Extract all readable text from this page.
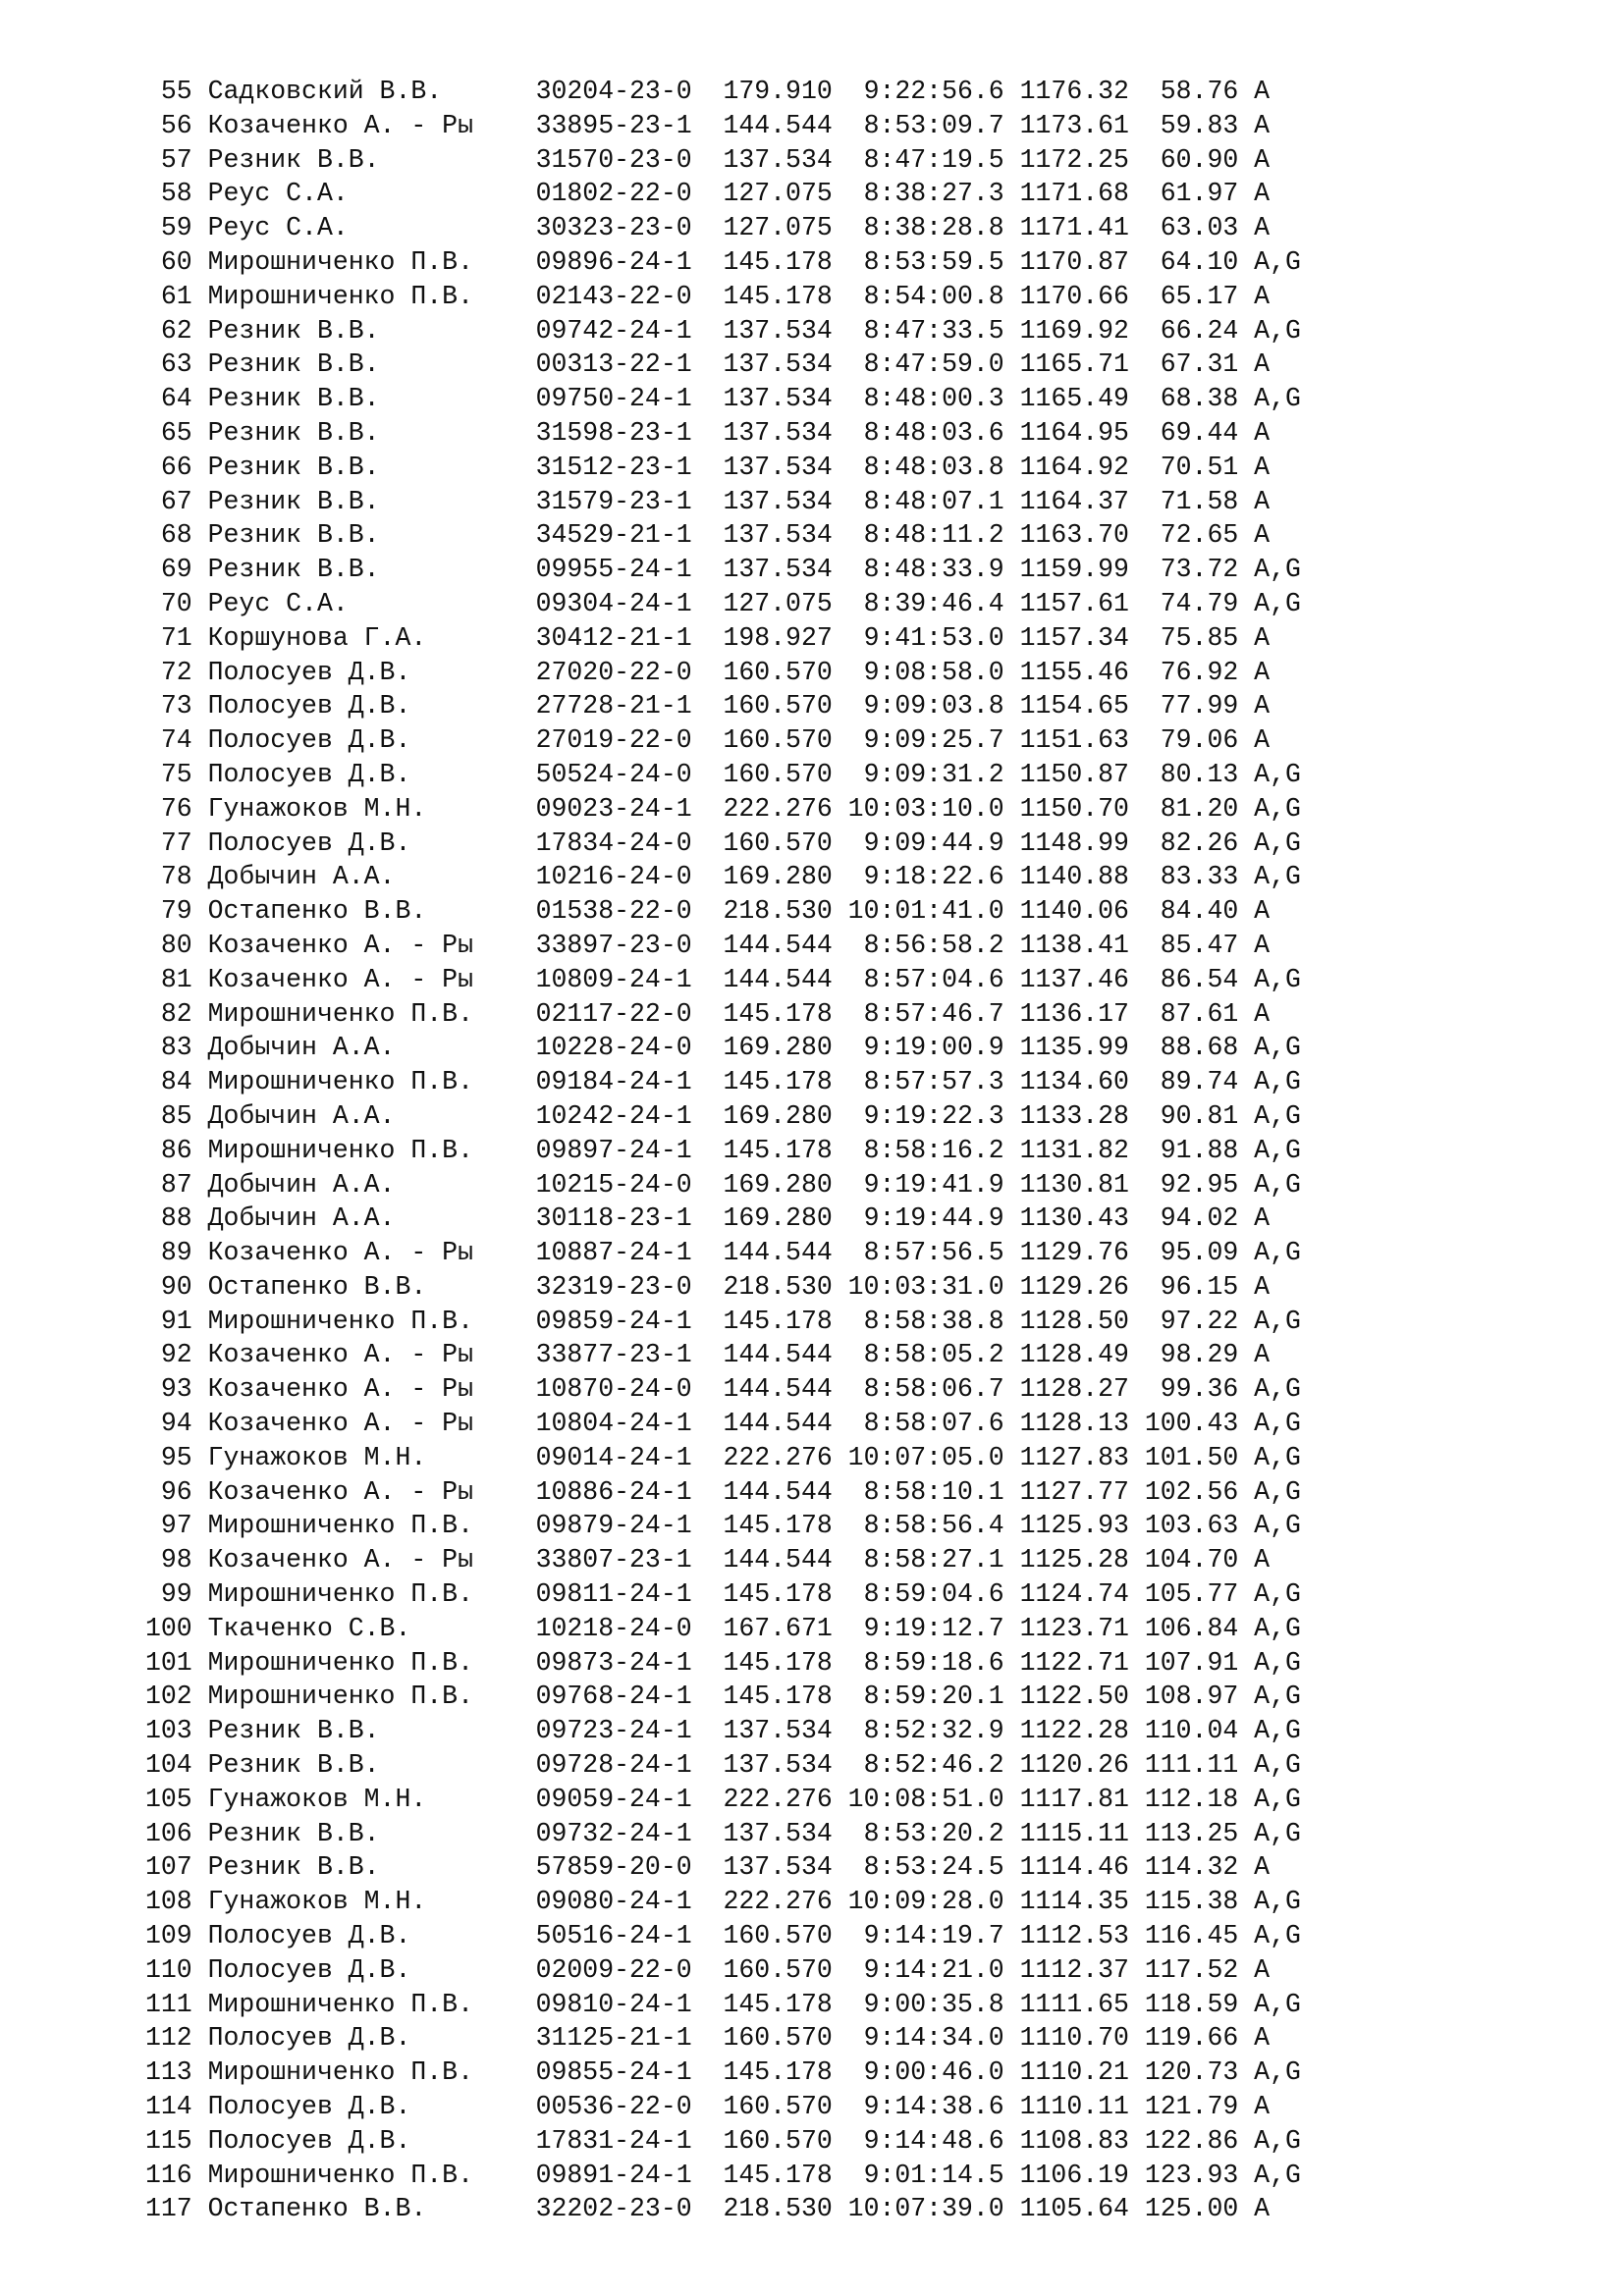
55 Садковский В.В.      30204-23-0  179.910  9:22:56.6 1176.32  58.76 A
56 Козаченко А. - Ры    33895-23-1  144.544  8:53:09.7 1173.61  59.83 A
57 Резник В.В.          31570-23-0  137.534  8:47:19.5 1172.25  60.90 A
58 Реус С.А.            01802-22-0  127.075  8:38:27.3 1171.68  61.97 A
59 Реус С.А.            30323-23-0  127.075  8:38:28.8 1171.41  63.03 A
60 Мирошниченко П.В.    09896-24-1  145.178  8:53:59.5 1170.87  64.10 A,G
61 Мирошниченко П.В.    02143-22-0  145.178  8:54:00.8 1170.66  65.17 A
62 Резник В.В.          09742-24-1  137.534  8:47:33.5 1169.92  66.24 A,G
63 Резник В.В.          00313-22-1  137.534  8:47:59.0 1165.71  67.31 A
64 Резник В.В.          09750-24-1  137.534  8:48:00.3 1165.49  68.38 A,G
65 Резник В.В.          31598-23-1  137.534  8:48:03.6 1164.95  69.44 A
66 Резник В.В.          31512-23-1  137.534  8:48:03.8 1164.92  70.51 A
67 Резник В.В.          31579-23-1  137.534  8:48:07.1 1164.37  71.58 A
68 Резник В.В.          34529-21-1  137.534  8:48:11.2 1163.70  72.65 A
69 Резник В.В.          09955-24-1  137.534  8:48:33.9 1159.99  73.72 A,G
70 Реус С.А.            09304-24-1  127.075  8:39:46.4 1157.61  74.79 A,G
71 Коршунова Г.А.       30412-21-1  198.927  9:41:53.0 1157.34  75.85 A
72 Полосуев Д.В.        27020-22-0  160.570  9:08:58.0 1155.46  76.92 A
73 Полосуев Д.В.        27728-21-1  160.570  9:09:03.8 1154.65  77.99 A
74 Полосуев Д.В.        27019-22-0  160.570  9:09:25.7 1151.63  79.06 A
75 Полосуев Д.В.        50524-24-0  160.570  9:09:31.2 1150.87  80.13 A,G
76 Гунажоков М.Н.       09023-24-1  222.276 10:03:10.0 1150.70  81.20 A,G
77 Полосуев Д.В.        17834-24-0  160.570  9:09:44.9 1148.99  82.26 A,G
78 Добычин А.А.         10216-24-0  169.280  9:18:22.6 1140.88  83.33 A,G
79 Остапенко В.В.       01538-22-0  218.530 10:01:41.0 1140.06  84.40 A
80 Козаченко А. - Ры    33897-23-0  144.544  8:56:58.2 1138.41  85.47 A
81 Козаченко А. - Ры    10809-24-1  144.544  8:57:04.6 1137.46  86.54 A,G
82 Мирошниченко П.В.    02117-22-0  145.178  8:57:46.7 1136.17  87.61 A
83 Добычин А.А.         10228-24-0  169.280  9:19:00.9 1135.99  88.68 A,G
84 Мирошниченко П.В.    09184-24-1  145.178  8:57:57.3 1134.60  89.74 A,G
85 Добычин А.А.         10242-24-1  169.280  9:19:22.3 1133.28  90.81 A,G
86 Мирошниченко П.В.    09897-24-1  145.178  8:58:16.2 1131.82  91.88 A,G
87 Добычин А.А.         10215-24-0  169.280  9:19:41.9 1130.81  92.95 A,G
88 Добычин А.А.         30118-23-1  169.280  9:19:44.9 1130.43  94.02 A
89 Козаченко А. - Ры    10887-24-1  144.544  8:57:56.5 1129.76  95.09 A,G
90 Остапенко В.В.       32319-23-0  218.530 10:03:31.0 1129.26  96.15 A
91 Мирошниченко П.В.    09859-24-1  145.178  8:58:38.8 1128.50  97.22 A,G
92 Козаченко А. - Ры    33877-23-1  144.544  8:58:05.2 1128.49  98.29 A
93 Козаченко А. - Ры    10870-24-0  144.544  8:58:06.7 1128.27  99.36 A,G
94 Козаченко А. - Ры    10804-24-1  144.544  8:58:07.6 1128.13 100.43 A,G
95 Гунажоков М.Н.       09014-24-1  222.276 10:07:05.0 1127.83 101.50 A,G
96 Козаченко А. - Ры    10886-24-1  144.544  8:58:10.1 1127.77 102.56 A,G
97 Мирошниченко П.В.    09879-24-1  145.178  8:58:56.4 1125.93 103.63 A,G
98 Козаченко А. - Ры    33807-23-1  144.544  8:58:27.1 1125.28 104.70 A
99 Мирошниченко П.В.    09811-24-1  145.178  8:59:04.6 1124.74 105.77 A,G
100 Ткаченко С.В.        10218-24-0  167.671  9:19:12.7 1123.71 106.84 A,G
101 Мирошниченко П.В.    09873-24-1  145.178  8:59:18.6 1122.71 107.91 A,G
102 Мирошниченко П.В.    09768-24-1  145.178  8:59:20.1 1122.50 108.97 A,G
103 Резник В.В.          09723-24-1  137.534  8:52:32.9 1122.28 110.04 A,G
104 Резник В.В.          09728-24-1  137.534  8:52:46.2 1120.26 111.11 A,G
105 Гунажоков М.Н.       09059-24-1  222.276 10:08:51.0 1117.81 112.18 A,G
106 Резник В.В.          09732-24-1  137.534  8:53:20.2 1115.11 113.25 A,G
107 Резник В.В.          57859-20-0  137.534  8:53:24.5 1114.46 114.32 A
108 Гунажоков М.Н.       09080-24-1  222.276 10:09:28.0 1114.35 115.38 A,G
109 Полосуев Д.В.        50516-24-1  160.570  9:14:19.7 1112.53 116.45 A,G
110 Полосуев Д.В.        02009-22-0  160.570  9:14:21.0 1112.37 117.52 A
111 Мирошниченко П.В.    09810-24-1  145.178  9:00:35.8 1111.65 118.59 A,G
112 Полосуев Д.В.        31125-21-1  160.570  9:14:34.0 1110.70 119.66 A
113 Мирошниченко П.В.    09855-24-1  145.178  9:00:46.0 1110.21 120.73 A,G
114 Полосуев Д.В.        00536-22-0  160.570  9:14:38.6 1110.11 121.79 A
115 Полосуев Д.В.        17831-24-1  160.570  9:14:48.6 1108.83 122.86 A,G
116 Мирошниченко П.В.    09891-24-1  145.178  9:01:14.5 1106.19 123.93 A,G
117 Остапенко В.В.       32202-23-0  218.530 10:07:39.0 1105.64 125.00 A
